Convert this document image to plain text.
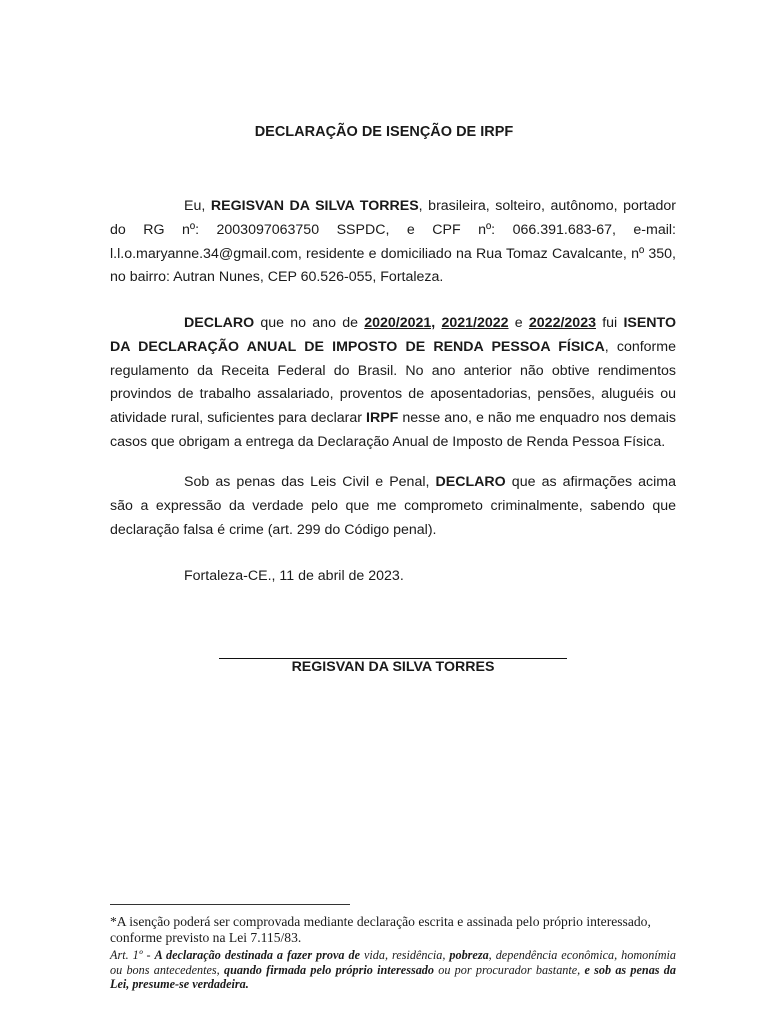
DECLARAÇÃO DE ISENÇÃO DE IRPF

Eu, REGISVAN DA SILVA TORRES, brasileira, solteiro, autônomo, portador do RG nº: 2003097063750 SSPDC, e CPF nº: 066.391.683-67, e-mail: l.l.o.maryanne.34@gmail.com, residente e domiciliado na Rua Tomaz Cavalcante, nº 350, no bairro: Autran Nunes, CEP 60.526-055, Fortaleza.

DECLARO que no ano de 2020/2021, 2021/2022 e 2022/2023 fui ISENTO DA DECLARAÇÃO ANUAL DE IMPOSTO DE RENDA PESSOA FÍSICA, conforme regulamento da Receita Federal do Brasil. No ano anterior não obtive rendimentos provindos de trabalho assalariado, proventos de aposentadorias, pensões, aluguéis ou atividade rural, suficientes para declarar IRPF nesse ano, e não me enquadro nos demais casos que obrigam a entrega da Declaração Anual de Imposto de Renda Pessoa Física.

Sob as penas das Leis Civil e Penal, DECLARO que as afirmações acima são a expressão da verdade pelo que me comprometo criminalmente, sabendo que declaração falsa é crime (art. 299 do Código penal).

Fortaleza-CE., 11 de abril de 2023.

REGISVAN DA SILVA TORRES
*A isenção poderá ser comprovada mediante declaração escrita e assinada pelo próprio interessado, conforme previsto na Lei 7.115/83.
Art. 1º - A declaração destinada a fazer prova de vida, residência, pobreza, dependência econômica, homonímia ou bons antecedentes, quando firmada pelo próprio interessado ou por procurador bastante, e sob as penas da Lei, presume-se verdadeira.
